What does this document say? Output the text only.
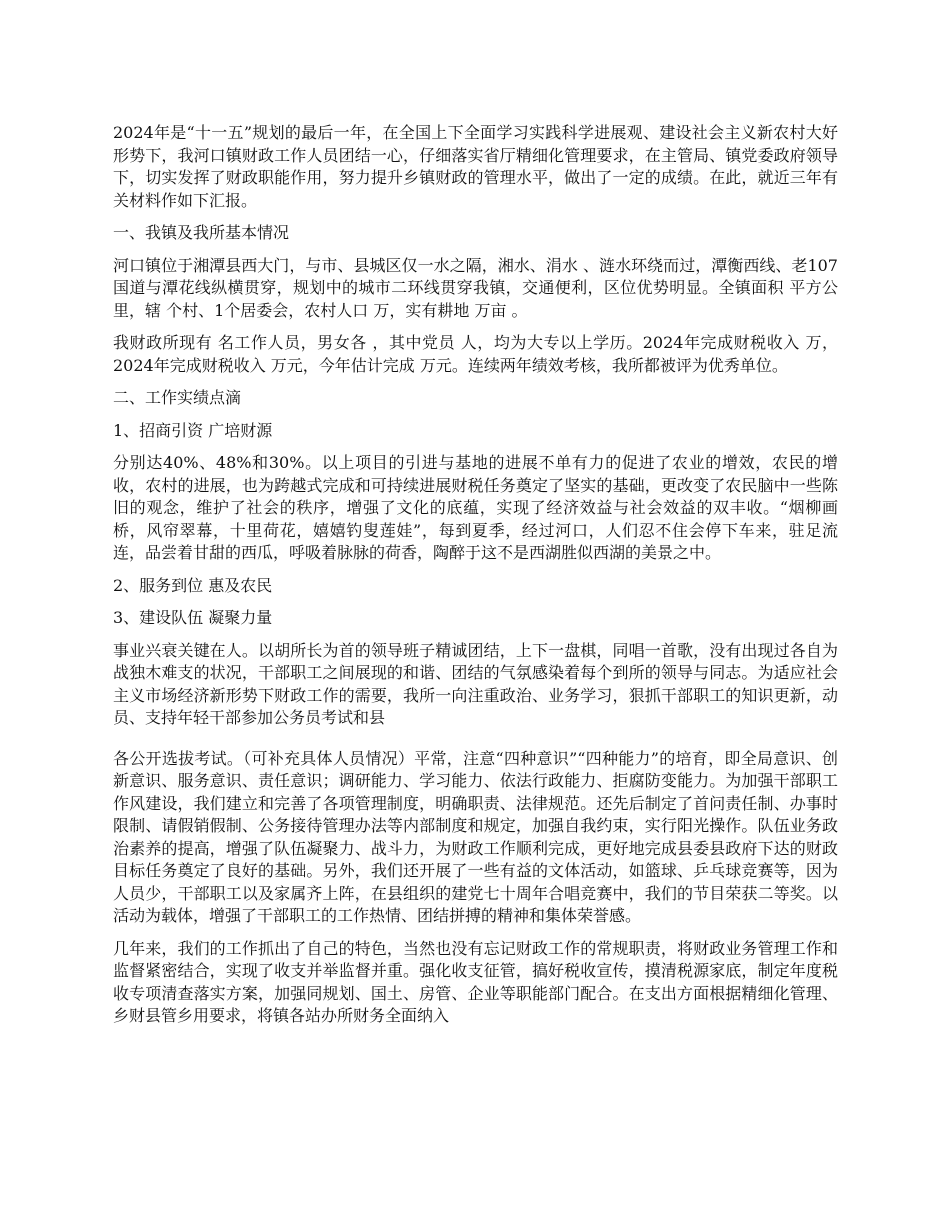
2024年是“十一五”规划的最后一年，在全国上下全面学习实践科学进展观、建设社会主义新农村大好形势下，我河口镇财政工作人员团结一心，仔细落实省厅精细化管理要求，在主管局、镇党委政府领导下，切实发挥了财政职能作用，努力提升乡镇财政的管理水平，做出了一定的成绩。在此，就近三年有关材料作如下汇报。

一、我镇及我所基本情况

河口镇位于湘潭县西大门，与市、县城区仅一水之隔，湘水、涓水 、涟水环绕而过，潭衡西线、老107国道与潭花线纵横贯穿，规划中的城市二环线贯穿我镇，交通便利，区位优势明显。全镇面积 平方公里，辖 个村、1个居委会，农村人口 万，实有耕地 万亩 。

我财政所现有 名工作人员，男女各 ，其中党员 人，均为大专以上学历。2024年完成财税收入 万，2024年完成财税收入 万元，今年估计完成 万元。连续两年绩效考核，我所都被评为优秀单位。

二、工作实绩点滴

1、招商引资 广培财源

分别达40%、48%和30%。以上项目的引进与基地的进展不单有力的促进了农业的增效，农民的增收，农村的进展，也为跨越式完成和可持续进展财税任务奠定了坚实的基础，更改变了农民脑中一些陈旧的观念，维护了社会的秩序，增强了文化的底蕴，实现了经济效益与社会效益的双丰收。“烟柳画桥，风帘翠幕，十里荷花，嬉嬉钓叟莲娃”，每到夏季，经过河口，人们忍不住会停下车来，驻足流连，品尝着甘甜的西瓜，呼吸着脉脉的荷香，陶醉于这不是西湖胜似西湖的美景之中。

2、服务到位 惠及农民

3、建设队伍 凝聚力量

事业兴衰关键在人。以胡所长为首的领导班子精诚团结，上下一盘棋，同唱一首歌，没有出现过各自为战独木难支的状况，干部职工之间展现的和谐、团结的气氛感染着每个到所的领导与同志。为适应社会主义市场经济新形势下财政工作的需要，我所一向注重政治、业务学习，狠抓干部职工的知识更新，动员、支持年轻干部参加公务员考试和县

各公开选拔考试。（可补充具体人员情况）平常，注意“四种意识”“四种能力”的培育，即全局意识、创新意识、服务意识、责任意识；调研能力、学习能力、依法行政能力、拒腐防变能力。为加强干部职工作风建设，我们建立和完善了各项管理制度，明确职责、法律规范。还先后制定了首问责任制、办事时限制、请假销假制、公务接待管理办法等内部制度和规定，加强自我约束，实行阳光操作。队伍业务政治素养的提高，增强了队伍凝聚力、战斗力，为财政工作顺利完成，更好地完成县委县政府下达的财政目标任务奠定了良好的基础。另外，我们还开展了一些有益的文体活动，如篮球、乒乓球竞赛等，因为人员少，干部职工以及家属齐上阵，在县组织的建党七十周年合唱竞赛中，我们的节目荣获二等奖。以活动为载体，增强了干部职工的工作热情、团结拼搏的精神和集体荣誉感。

几年来，我们的工作抓出了自己的特色，当然也没有忘记财政工作的常规职责，将财政业务管理工作和监督紧密结合，实现了收支并举监督并重。强化收支征管，搞好税收宣传，摸清税源家底，制定年度税收专项清查落实方案，加强同规划、国土、房管、企业等职能部门配合。在支出方面根据精细化管理、乡财县管乡用要求，将镇各站办所财务全面纳入
